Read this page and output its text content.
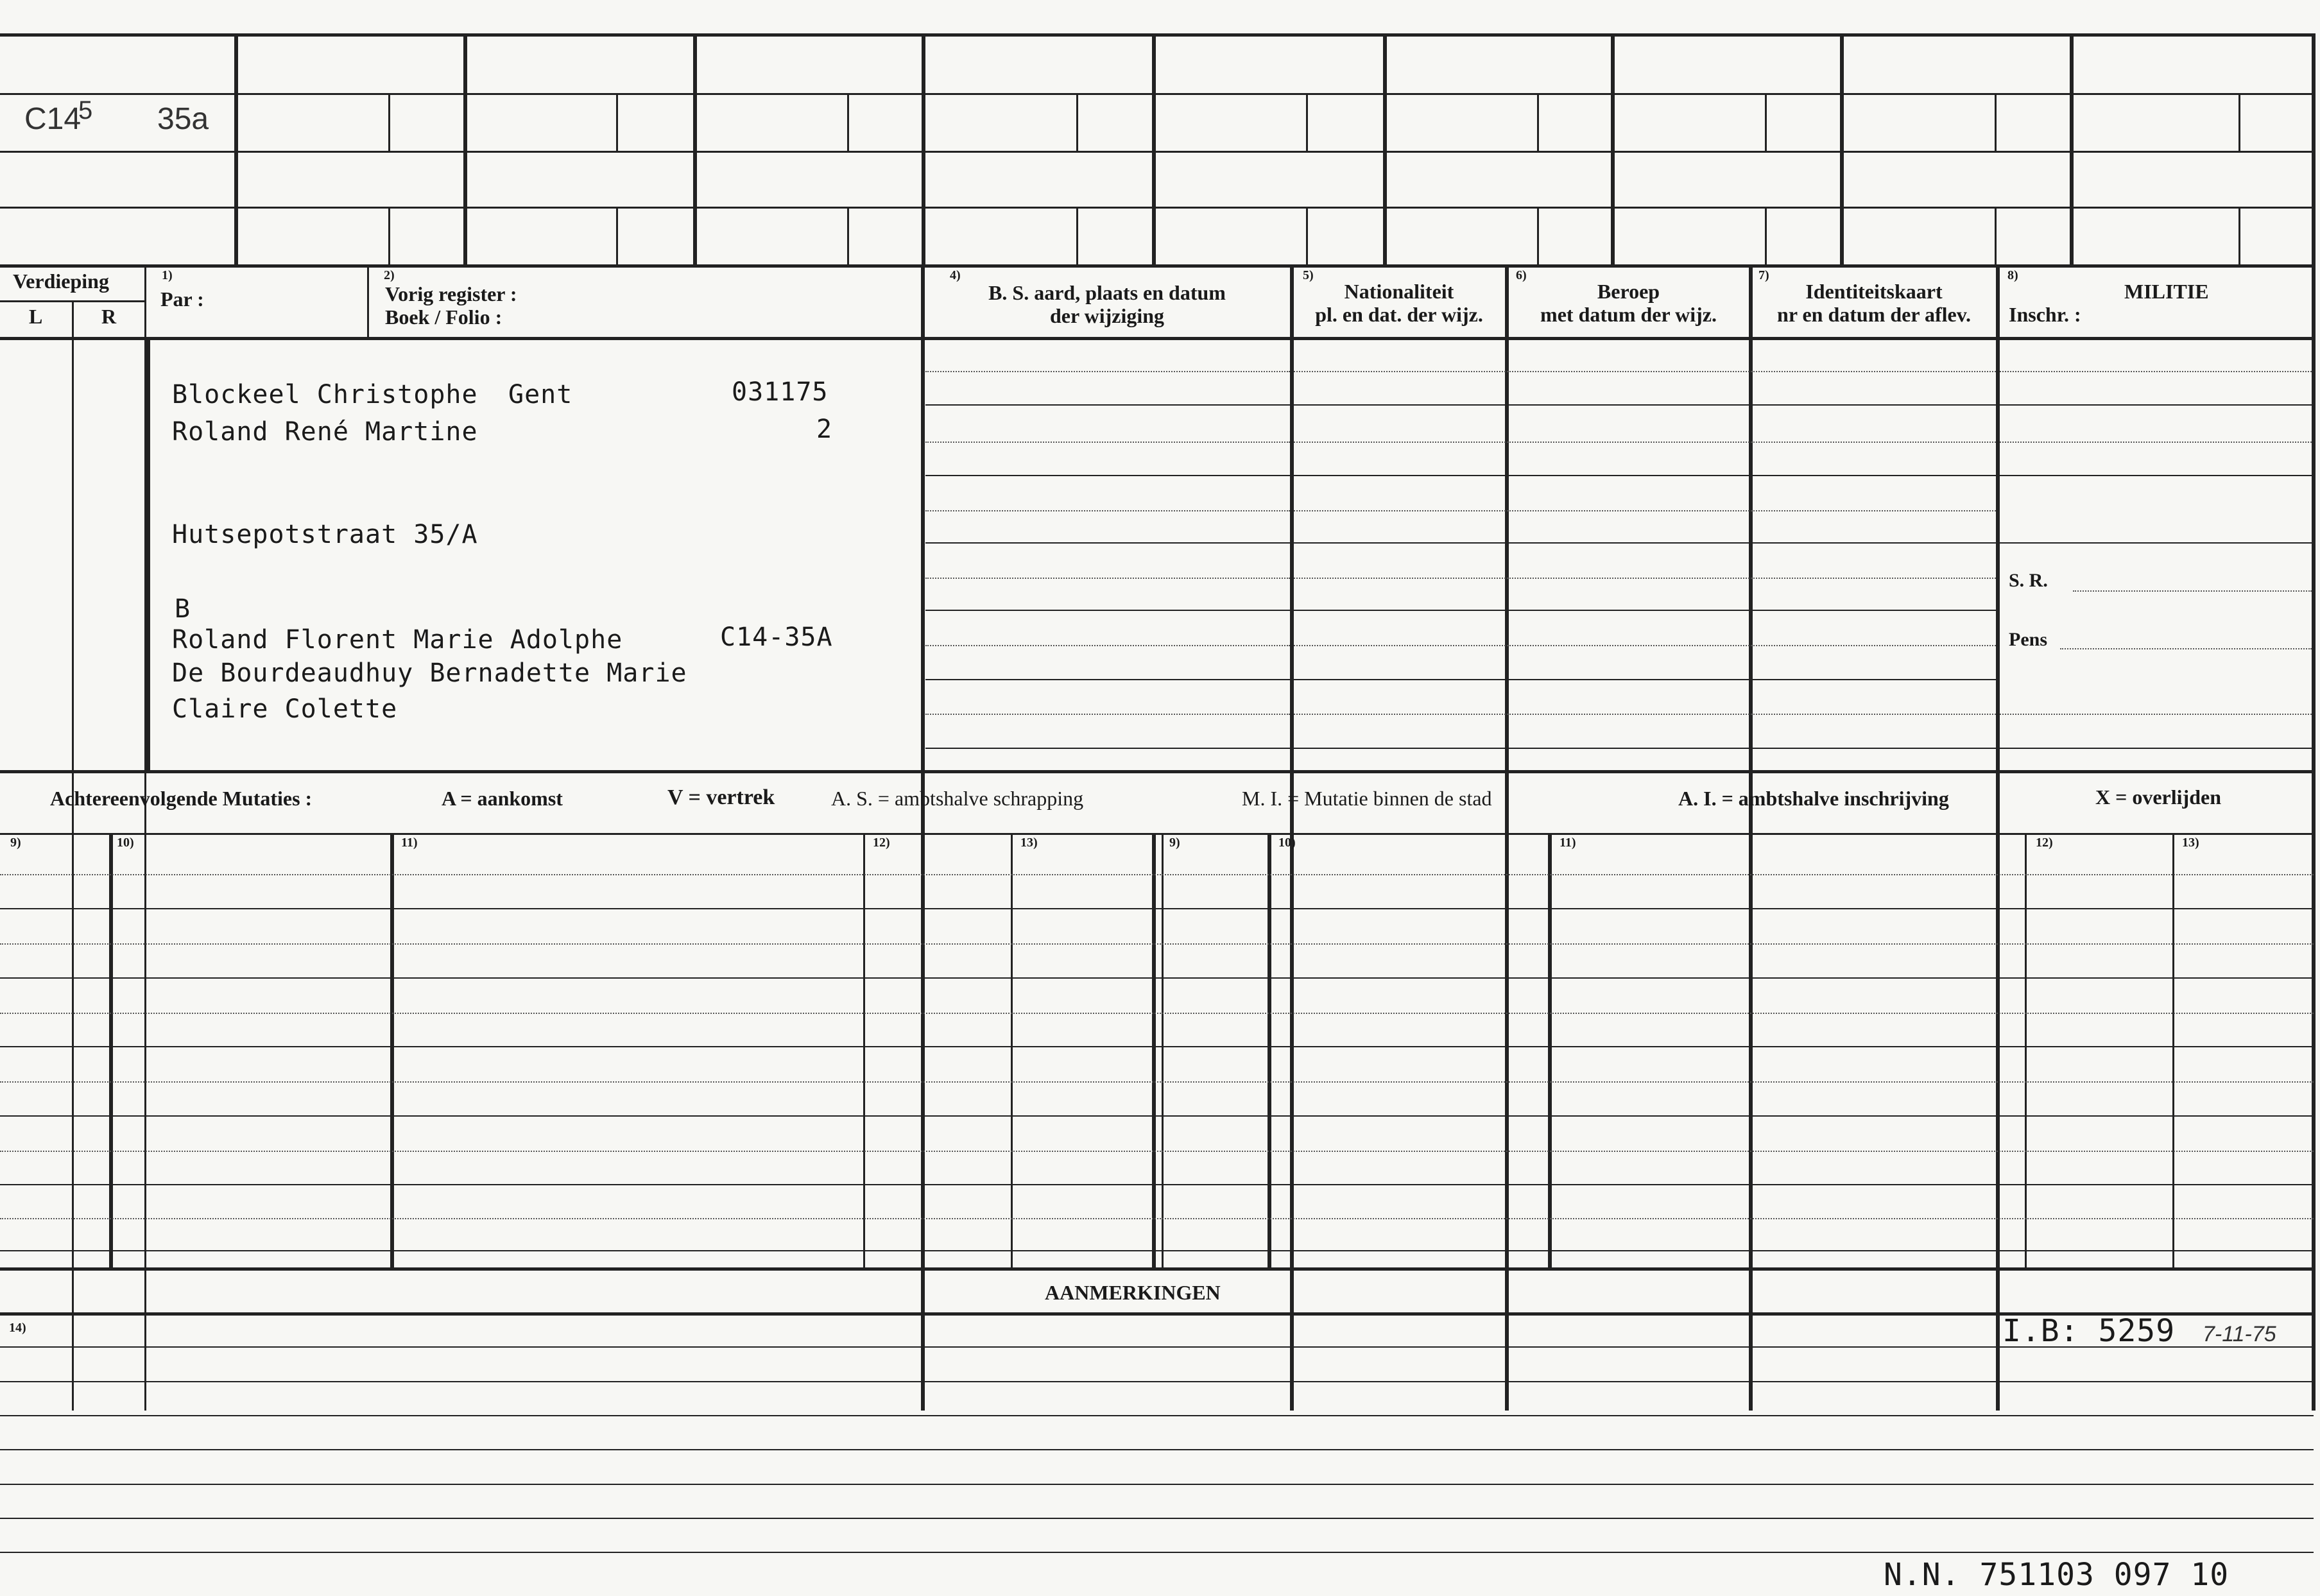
C14
5 35a
Verdieping
L	R
1)
Par :
2)
Vorig register :
Boek / Folio :
4)
B. S. aard, plaats en datum
der wijziging
5)
Nationaliteit
pl. en dat. der wijz.
6)
Beroep
met datum der wijz.
7)
Identiteitskaart
nr en datum der aflev.
8)
MILITIE
Inschr. :
Blockeel Christophe Gent	031175
Roland René Martine	2
Hutsepotstraat 35/A
B
Roland Florent Marie Adolphe	C14-35A
De Bourdeaudhuy Bernadette Marie
Claire Colette
S. R.
Pens
Achtereenvolgende Mutaties :	A = aankomst	V = vertrek	A. S. = ambtshalve schrapping	M. I. = Mutatie binnen de stad	A. I. = ambtshalve inschrijving	X = overlijden
9)	10)	11)	12)	13)	9)	10)	11)	12)	13)
AANMERKINGEN
14)	I.B: 5259 7-11-75
N.N. 751103 097 10
